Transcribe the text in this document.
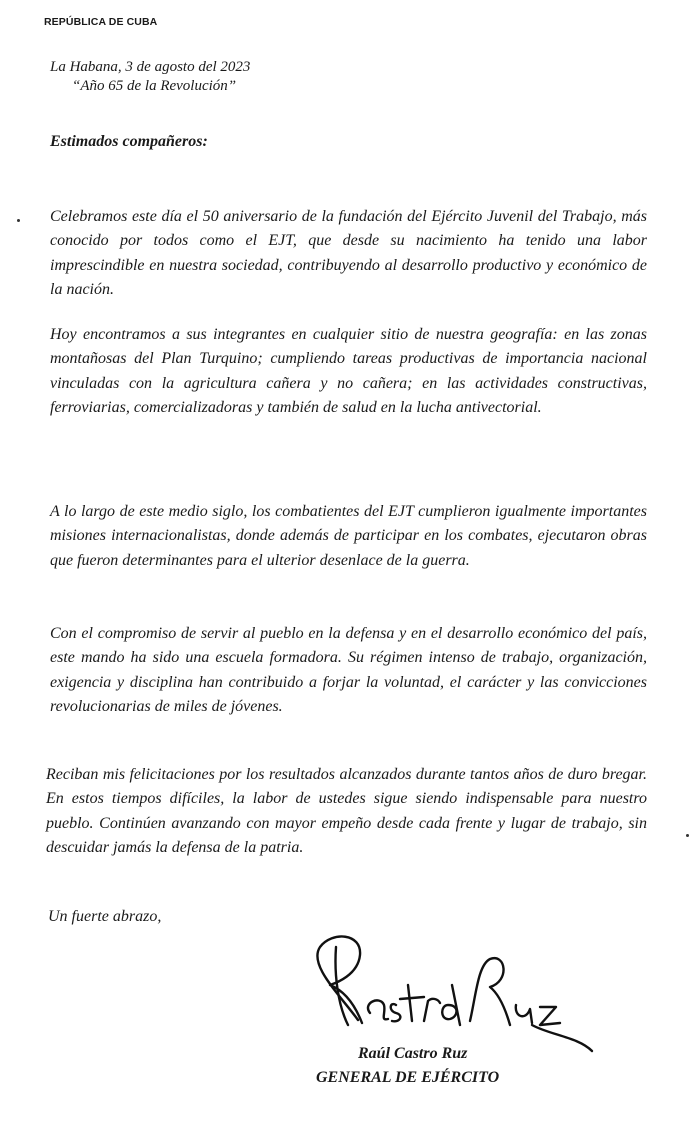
REPÚBLICA DE CUBA
La Habana, 3 de agosto del 2023
“Año 65 de la Revolución”
Estimados compañeros:

Celebramos este día el 50 aniversario de la fundación del Ejército Juvenil del Trabajo, más conocido por todos como el EJT, que desde su nacimiento ha tenido una labor imprescindible en nuestra sociedad, contribuyendo al desarrollo productivo y económico de la nación.

Hoy encontramos a sus integrantes en cualquier sitio de nuestra geografía: en las zonas montañosas del Plan Turquino; cumpliendo tareas productivas de importancia nacional vinculadas con la agricultura cañera y no cañera; en las actividades constructivas, ferroviarias, comercializadoras y también de salud en la lucha antivectorial.

A lo largo de este medio siglo, los combatientes del EJT cumplieron igualmente importantes misiones internacionalistas, donde además de participar en los combates, ejecutaron obras que fueron determinantes para el ulterior desenlace de la guerra.

Con el compromiso de servir al pueblo en la defensa y en el desarrollo económico del país, este mando ha sido una escuela formadora. Su régimen intenso de trabajo, organización, exigencia y disciplina han contribuido a forjar la voluntad, el carácter y las convicciones revolucionarias de miles de jóvenes.

Reciban mis felicitaciones por los resultados alcanzados durante tantos años de duro bregar. En estos tiempos difíciles, la labor de ustedes sigue siendo indispensable para nuestro pueblo. Continúen avanzando con mayor empeño desde cada frente y lugar de trabajo, sin descuidar jamás la defensa de la patria.

Un fuerte abrazo,
Raúl Castro Ruz
GENERAL DE EJÉRCITO
